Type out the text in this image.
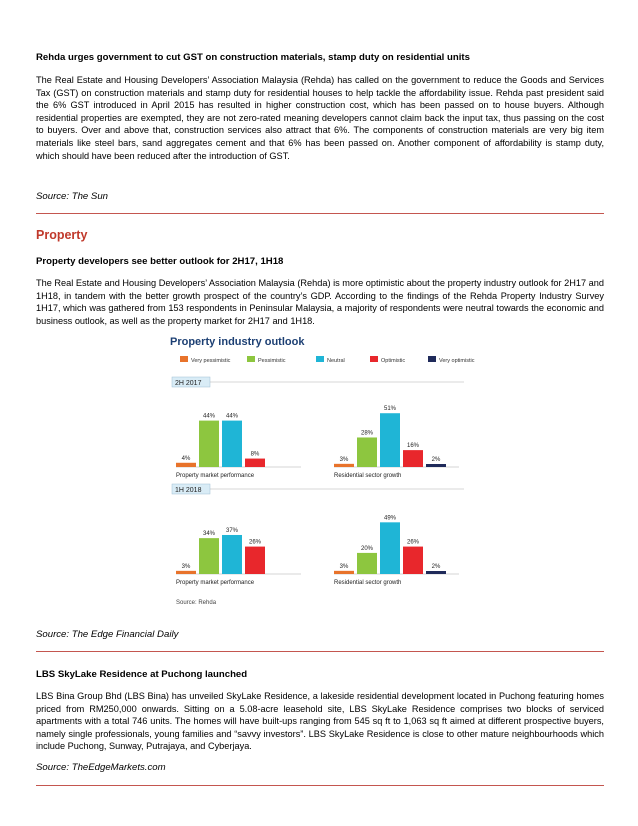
Rehda urges government to cut GST on construction materials, stamp duty on residential units
The Real Estate and Housing Developers’ Association Malaysia (Rehda) has called on the government to reduce the Goods and Services Tax (GST) on construction materials and stamp duty for residential houses to help tackle the affordability issue. Rehda past president said the 6% GST introduced in April 2015 has resulted in higher construction cost, which has been passed on to house buyers. Although residential properties are exempted, they are not zero-rated meaning developers cannot claim back the input tax, thus passing on the cost to buyers. Over and above that, construction services also attract that 6%. The components of construction materials are very big item materials like steel bars, sand aggregates cement and that 6% has been passed on. Another component of affordability is stamp duty, which should have been reduced after the introduction of GST.
Source: The Sun
Property
Property developers see better outlook for 2H17, 1H18
The Real Estate and Housing Developers’ Association Malaysia (Rehda) is more optimistic about the property industry outlook for 2H17 and 1H18, in tandem with the better growth prospect of the country’s GDP. According to the findings of the Rehda Property Industry Survey 1H17, which was gathered from 153 respondents in Peninsular Malaysia, a majority of respondents were neutral towards the economic and business outlook, as well as the property market for 2H17 and 1H18.
Property industry outlook
Very pessimistic	Pessimistic	Neutral	Optimistic	Very optimistic
2H 2017
4%
44% 44%
8%
Property market performance
3%
28%
51%
16%
2%
Residential sector growth
1H 2018
3%
34%
37%
26%
Property market performance
3%
20%
49%
26%
2%
Residential sector growth
Source: Rehda
Source: The Edge Financial Daily
LBS SkyLake Residence at Puchong launched
LBS Bina Group Bhd (LBS Bina) has unveiled SkyLake Residence, a lakeside residential development located in Puchong featuring homes priced from RM250,000 onwards. Sitting on a 5.08-acre leasehold site, LBS SkyLake Residence comprises two blocks of serviced apartments with a total 746 units. The homes will have built-ups ranging from 545 sq ft to 1,063 sq ft aimed at different prospective buyers, namely single professionals, young families and “savvy investors”. LBS SkyLake Residence is close to other mature neighbourhoods which include Puchong, Sunway, Putrajaya, and Cyberjaya.
Source: TheEdgeMarkets.com
